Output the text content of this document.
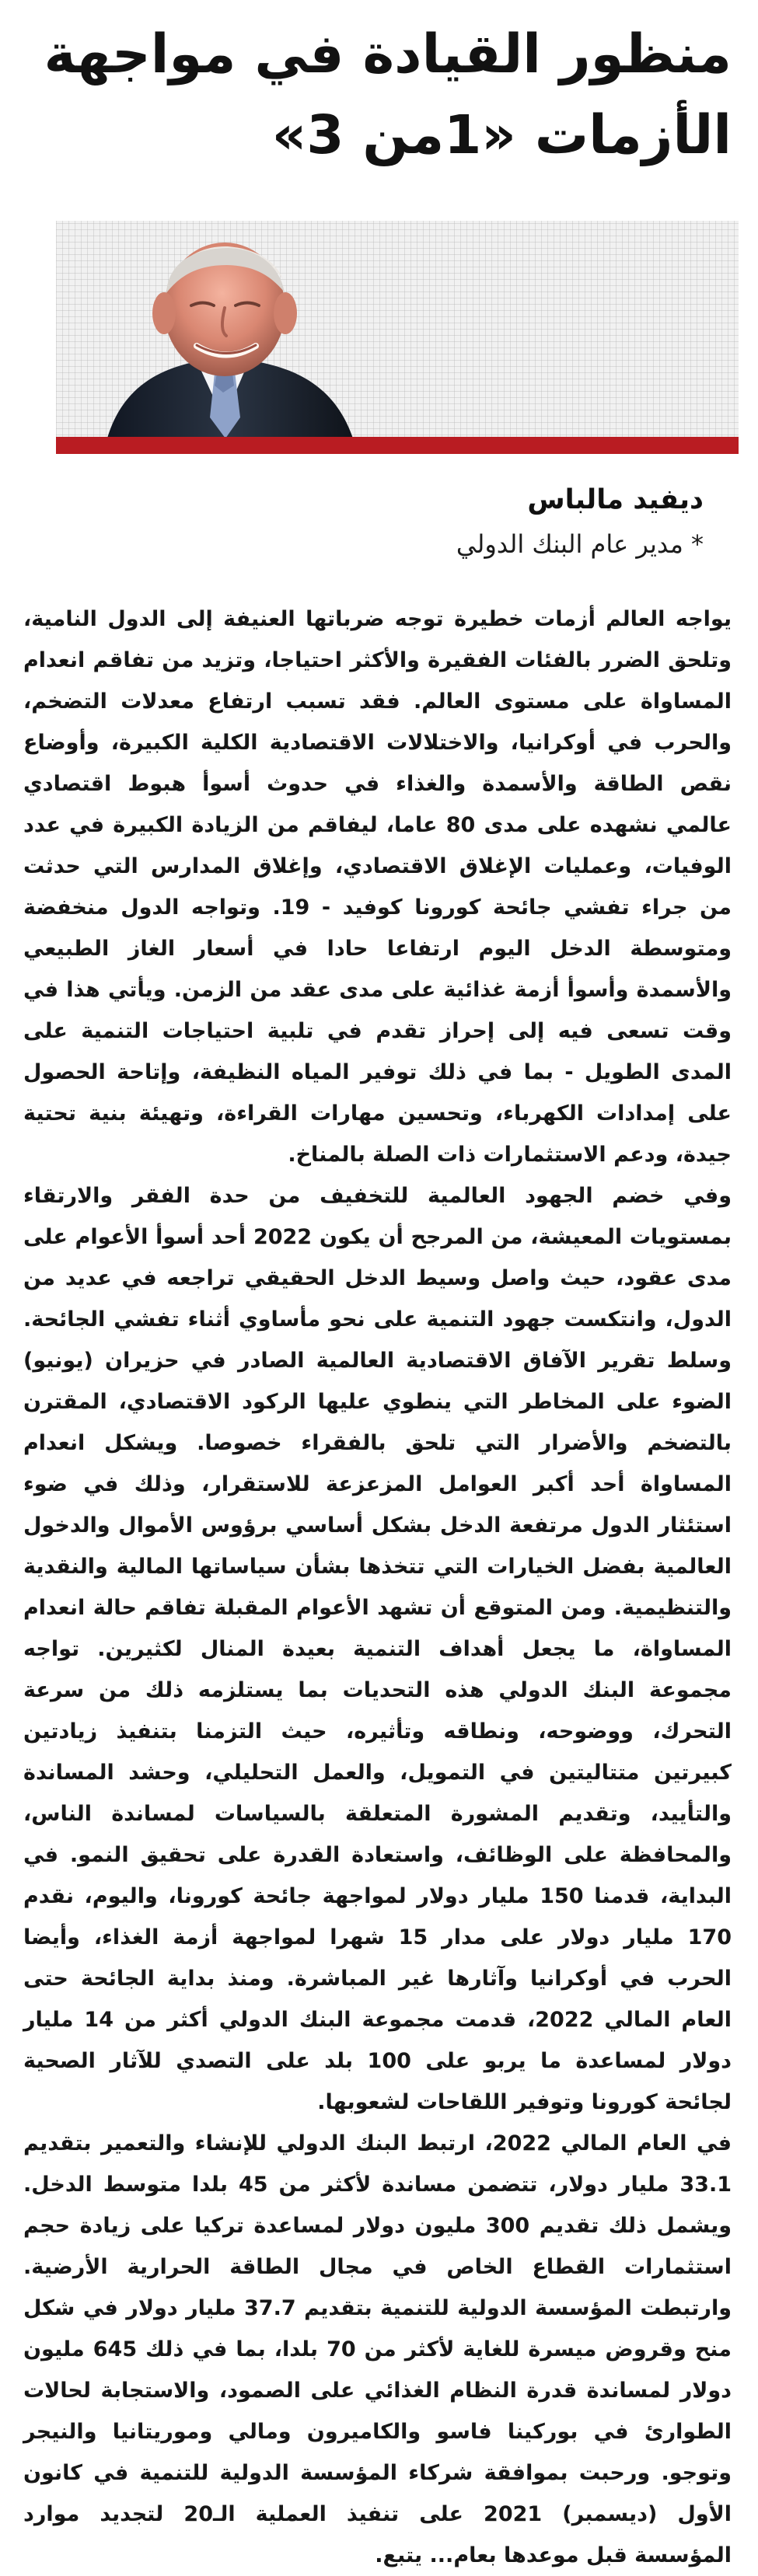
منظور القيادة في مواجهة الأزمات «1من 3»
ديفيد مالباس

* مدير عام البنك الدولي

يواجه العالم أزمات خطيرة توجه ضرباتها العنيفة إلى الدول النامية، وتلحق الضرر بالفئات الفقيرة والأكثر احتياجا، وتزيد من تفاقم انعدام المساواة على مستوى العالم. فقد تسبب ارتفاع معدلات التضخم، والحرب في أوكرانيا، والاختلالات الاقتصادية الكلية الكبيرة، وأوضاع نقص الطاقة والأسمدة والغذاء في حدوث أسوأ هبوط اقتصادي عالمي نشهده على مدى 80 عاما، ليفاقم من الزيادة الكبيرة في عدد الوفيات، وعمليات الإغلاق الاقتصادي، وإغلاق المدارس التي حدثت من جراء تفشي جائحة كورونا كوفيد - 19. وتواجه الدول منخفضة ومتوسطة الدخل اليوم ارتفاعا حادا في أسعار الغاز الطبيعي والأسمدة وأسوأ أزمة غذائية على مدى عقد من الزمن. ويأتي هذا في وقت تسعى فيه إلى إحراز تقدم في تلبية احتياجات التنمية على المدى الطويل - بما في ذلك توفير المياه النظيفة، وإتاحة الحصول على إمدادات الكهرباء، وتحسين مهارات القراءة، وتهيئة بنية تحتية جيدة، ودعم الاستثمارات ذات الصلة بالمناخ.

وفي خضم الجهود العالمية للتخفيف من حدة الفقر والارتقاء بمستويات المعيشة، من المرجح أن يكون 2022 أحد أسوأ الأعوام على مدى عقود، حيث واصل وسيط الدخل الحقيقي تراجعه في عديد من الدول، وانتكست جهود التنمية على نحو مأساوي أثناء تفشي الجائحة. وسلط تقرير الآفاق الاقتصادية العالمية الصادر في حزيران (يونيو) الضوء على المخاطر التي ينطوي عليها الركود الاقتصادي، المقترن بالتضخم والأضرار التي تلحق بالفقراء خصوصا. ويشكل انعدام المساواة أحد أكبر العوامل المزعزعة للاستقرار، وذلك في ضوء استئثار الدول مرتفعة الدخل بشكل أساسي برؤوس الأموال والدخول العالمية بفضل الخيارات التي تتخذها بشأن سياساتها المالية والنقدية والتنظيمية. ومن المتوقع أن تشهد الأعوام المقبلة تفاقم حالة انعدام المساواة، ما يجعل أهداف التنمية بعيدة المنال لكثيرين. تواجه مجموعة البنك الدولي هذه التحديات بما يستلزمه ذلك من سرعة التحرك، ووضوحه، ونطاقه وتأثيره، حيث التزمنا بتنفيذ زيادتين كبيرتين متتاليتين في التمويل، والعمل التحليلي، وحشد المساندة والتأييد، وتقديم المشورة المتعلقة بالسياسات لمساندة الناس، والمحافظة على الوظائف، واستعادة القدرة على تحقيق النمو. في البداية، قدمنا 150 مليار دولار لمواجهة جائحة كورونا، واليوم، نقدم 170 مليار دولار على مدار 15 شهرا لمواجهة أزمة الغذاء، وأيضا الحرب في أوكرانيا وآثارها غير المباشرة. ومنذ بداية الجائحة حتى العام المالي 2022، قدمت مجموعة البنك الدولي أكثر من 14 مليار دولار لمساعدة ما يربو على 100 بلد على التصدي للآثار الصحية لجائحة كورونا وتوفير اللقاحات لشعوبها.

في العام المالي 2022، ارتبط البنك الدولي للإنشاء والتعمير بتقديم 33.1 مليار دولار، تتضمن مساندة لأكثر من 45 بلدا متوسط الدخل. ويشمل ذلك تقديم 300 مليون دولار لمساعدة تركيا على زيادة حجم استثمارات القطاع الخاص في مجال الطاقة الحرارية الأرضية. وارتبطت المؤسسة الدولية للتنمية بتقديم 37.7 مليار دولار في شكل منح وقروض ميسرة للغاية لأكثر من 70 بلدا، بما في ذلك 645 مليون دولار لمساندة قدرة النظام الغذائي على الصمود، والاستجابة لحالات الطوارئ في بوركينا فاسو والكاميرون ومالي وموريتانيا والنيجر وتوجو. ورحبت بموافقة شركاء المؤسسة الدولية للتنمية في كانون الأول (ديسمبر) 2021 على تنفيذ العملية الـ20 لتجديد موارد المؤسسة قبل موعدها بعام... يتبع.
